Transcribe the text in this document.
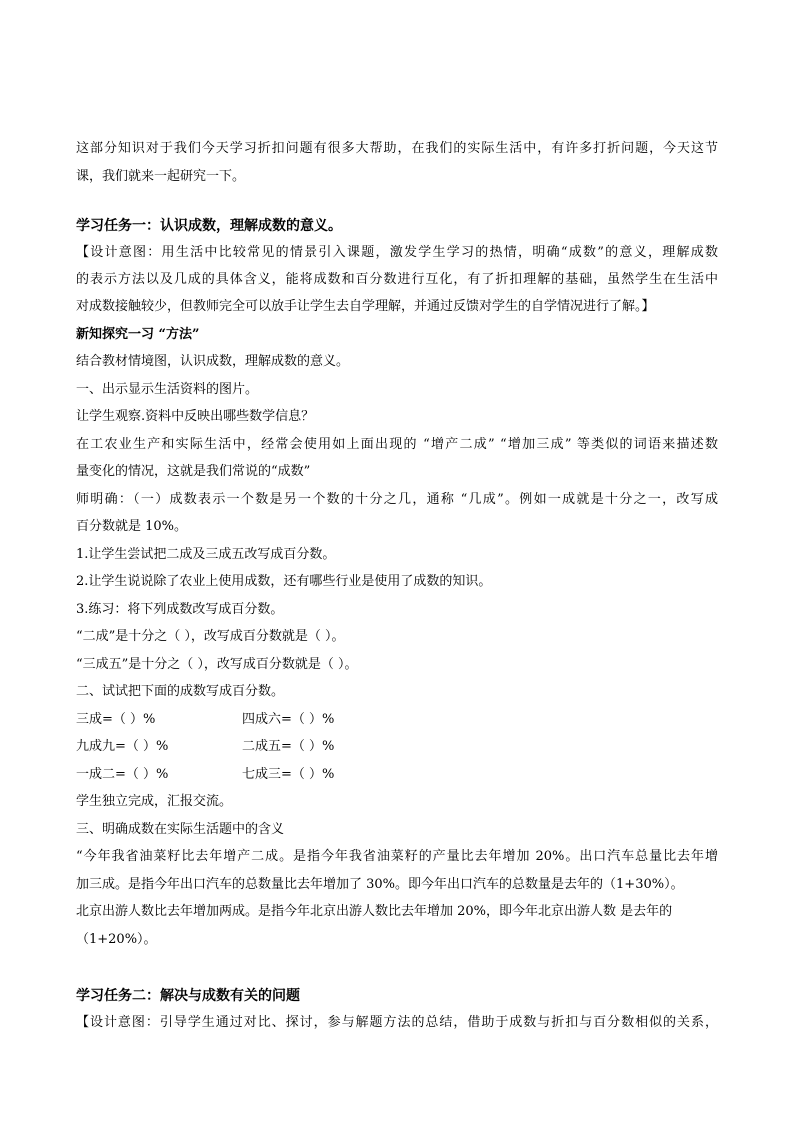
这部分知识对于我们今天学习折扣问题有很多大帮助，在我们的实际生活中，有许多打折问题，今天这节
课，我们就来一起研究一下。
学习任务一：认识成数，理解成数的意义。
【设计意图：用生活中比较常见的情景引入课题，激发学生学习的热情，明确“成数”的意义，理解成数
的表示方法以及几成的具体含义，能将成数和百分数进行互化，有了折扣理解的基础，虽然学生在生活中
对成数接触较少，但教师完全可以放手让学生去自学理解，并通过反馈对学生的自学情况进行了解。】
新知探究一习 “方法”
结合教材情境图，认识成数，理解成数的意义。
一、出示显示生活资料的图片。
让学生观察.资料中反映出哪些数学信息？
在工农业生产和实际生活中，经常会使用如上面出现的 “增产二成” “增加三成” 等类似的词语来描述数
量变化的情况，这就是我们常说的“成数”
师明确：（一）成数表示一个数是另一个数的十分之几，通称 “几成”。例如一成就是十分之一，改写成
百分数就是 10%。
1.让学生尝试把二成及三成五改写成百分数。
2.让学生说说除了农业上使用成数，还有哪些行业是使用了成数的知识。
3.练习：将下列成数改写成百分数。
“二成”是十分之（ ），改写成百分数就是（ ）。
“三成五”是十分之（ ），改写成百分数就是（ ）。
二、试试把下面的成数写成百分数。
三成=（ ）%	四成六=（ ）%
九成九=（ ）%	二成五=（ ）%
一成二=（ ）%	七成三=（ ）%
学生独立完成，汇报交流。
三、明确成数在实际生活题中的含义
“今年我省油菜籽比去年增产二成。是指今年我省油菜籽的产量比去年增加 20%。出口汽车总量比去年增
加三成。是指今年出口汽车的总数量比去年增加了 30%。即今年出口汽车的总数量是去年的（1+30%）。
北京出游人数比去年增加两成。是指今年北京出游人数比去年增加 20%，即今年北京出游人数 是去年的
（1+20%）。
学习任务二：解决与成数有关的问题
【设计意图：引导学生通过对比、探讨，参与解题方法的总结，借助于成数与折扣与百分数相似的关系，
